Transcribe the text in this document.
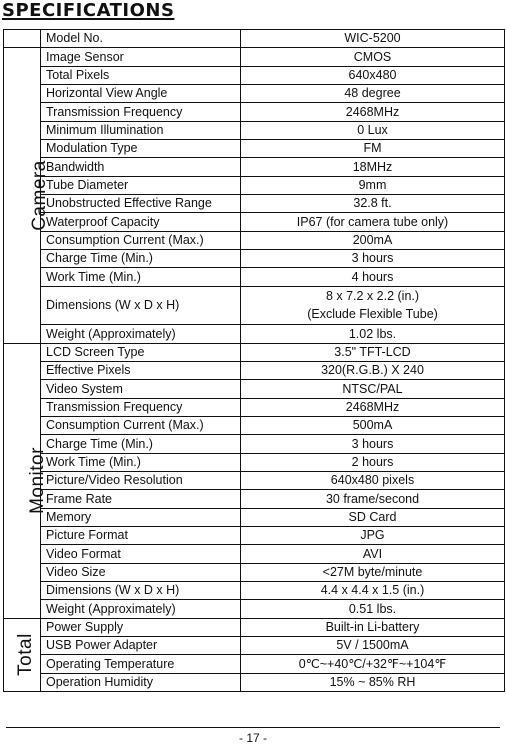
SPECIFICATIONS
	Model No.	WIC-5200
Camera	Image Sensor	CMOS
	Total Pixels	640x480
	Horizontal View Angle	48 degree
	Transmission Frequency	2468MHz
	Minimum Illumination	0 Lux
	Modulation Type	FM
	Bandwidth	18MHz
	Tube Diameter	9mm
	Unobstructed Effective Range	32.8 ft.
	Waterproof Capacity	IP67 (for camera tube only)
	Consumption Current (Max.)	200mA
	Charge Time (Min.)	3 hours
	Work Time (Min.)	4 hours
	Dimensions (W x D x H)	8 x 7.2 x 2.2 (in.)
(Exclude Flexible Tube)

	Weight (Approximately)	1.02 lbs.
Monitor	LCD Screen Type	3.5" TFT-LCD
	Effective Pixels	320(R.G.B.) X 240
	Video System	NTSC/PAL
	Transmission Frequency	2468MHz
	Consumption Current (Max.)	500mA
	Charge Time (Min.)	3 hours
	Work Time (Min.)	2 hours
	Picture/Video Resolution	640x480 pixels
	Frame Rate	30 frame/second
	Memory	SD Card
	Picture Format	JPG
	Video Format	AVI
	Video Size	<27M byte/minute
	Dimensions (W x D x H)	4.4 x 4.4 x 1.5 (in.)
	Weight (Approximately)	0.51 lbs.
Total	Power Supply	Built-in Li-battery
	USB Power Adapter	5V / 1500mA
	Operating Temperature	0℃~+40℃/+32℉~+104℉
	Operation Humidity	15% ~ 85% RH
- 17 -
